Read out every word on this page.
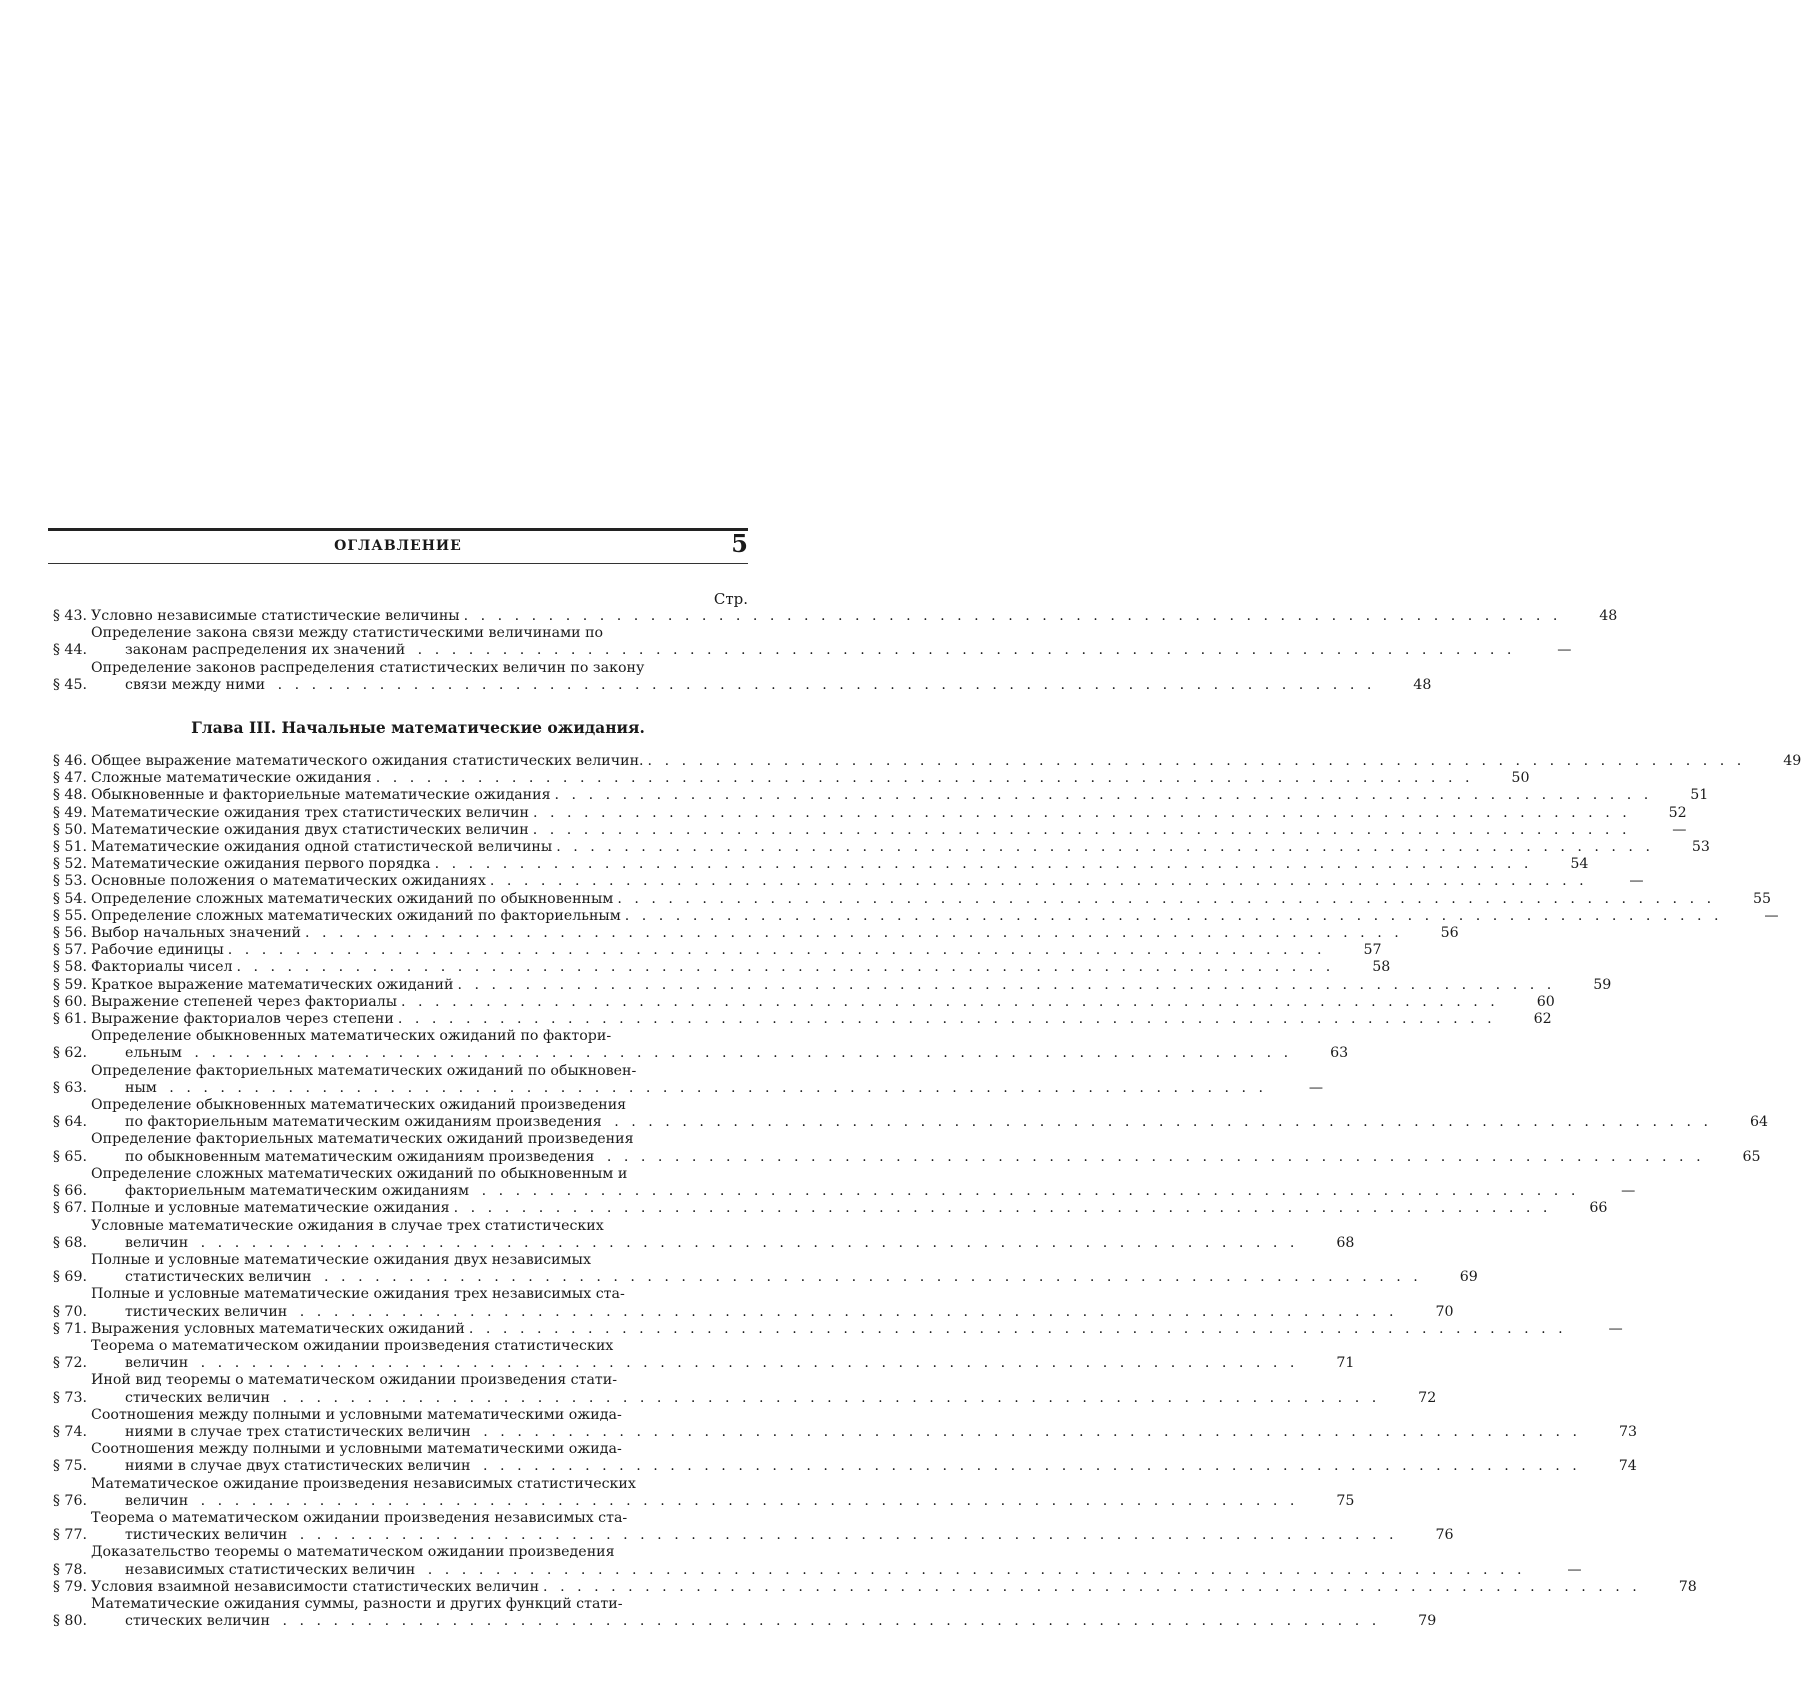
ОГЛАВЛЕНИЕ	5
Стр.
§ 43. Условно независимые статистические величины . . . . . . . . . . . . . . . . . . . . . . . . . . . . . . . . . . . . . . . . . . . . . . . . . . . . . . . . . . . . . . . . .	48
§ 44.
Определение закона связи между статистическими величинами по
законам распределения их значений . . . . . . . . . . . . . . . . . . . . . . . . . . . . . . . . . . . . . . . . . . . . . . . . . . . . . . . . . . . . . . . . .	—
§ 45.
Определение законов распределения статистических величин по закону
связи между ними . . . . . . . . . . . . . . . . . . . . . . . . . . . . . . . . . . . . . . . . . . . . . . . . . . . . . . . . . . . . . . . . .	48
Глава III. Начальные математические ожидания.
§ 46. Общее выражение математического ожидания статистических величин. . . . . . . . . . . . . . . . . . . . . . . . . . . . . . . . . . . . . . . . . . . . . . . . . . . . . . . . . . . . . . . . . .	49
§ 47. Сложные математические ожидания . . . . . . . . . . . . . . . . . . . . . . . . . . . . . . . . . . . . . . . . . . . . . . . . . . . . . . . . . . . . . . . . .	50
§ 48. Обыкновенные и факториельные математические ожидания . . . . . . . . . . . . . . . . . . . . . . . . . . . . . . . . . . . . . . . . . . . . . . . . . . . . . . . . . . . . . . . . .	51
§ 49. Математические ожидания трех статистических величин . . . . . . . . . . . . . . . . . . . . . . . . . . . . . . . . . . . . . . . . . . . . . . . . . . . . . . . . . . . . . . . . .	52
§ 50. Математические ожидания двух статистических величин . . . . . . . . . . . . . . . . . . . . . . . . . . . . . . . . . . . . . . . . . . . . . . . . . . . . . . . . . . . . . . . . .	—
§ 51. Математические ожидания одной статистической величины . . . . . . . . . . . . . . . . . . . . . . . . . . . . . . . . . . . . . . . . . . . . . . . . . . . . . . . . . . . . . . . . .	53
§ 52. Математические ожидания первого порядка . . . . . . . . . . . . . . . . . . . . . . . . . . . . . . . . . . . . . . . . . . . . . . . . . . . . . . . . . . . . . . . . .	54
§ 53. Основные положения о математических ожиданиях . . . . . . . . . . . . . . . . . . . . . . . . . . . . . . . . . . . . . . . . . . . . . . . . . . . . . . . . . . . . . . . . .	—
§ 54. Определение сложных математических ожиданий по обыкновенным . . . . . . . . . . . . . . . . . . . . . . . . . . . . . . . . . . . . . . . . . . . . . . . . . . . . . . . . . . . . . . . . .	55
§ 55. Определение сложных математических ожиданий по факториельным . . . . . . . . . . . . . . . . . . . . . . . . . . . . . . . . . . . . . . . . . . . . . . . . . . . . . . . . . . . . . . . . .	—
§ 56. Выбор начальных значений . . . . . . . . . . . . . . . . . . . . . . . . . . . . . . . . . . . . . . . . . . . . . . . . . . . . . . . . . . . . . . . . .	56
§ 57. Рабочие единицы . . . . . . . . . . . . . . . . . . . . . . . . . . . . . . . . . . . . . . . . . . . . . . . . . . . . . . . . . . . . . . . . .	57
§ 58. Факториалы чисел . . . . . . . . . . . . . . . . . . . . . . . . . . . . . . . . . . . . . . . . . . . . . . . . . . . . . . . . . . . . . . . . .	58
§ 59. Краткое выражение математических ожиданий . . . . . . . . . . . . . . . . . . . . . . . . . . . . . . . . . . . . . . . . . . . . . . . . . . . . . . . . . . . . . . . . .	59
§ 60. Выражение степеней через факториалы . . . . . . . . . . . . . . . . . . . . . . . . . . . . . . . . . . . . . . . . . . . . . . . . . . . . . . . . . . . . . . . . .	60
§ 61. Выражение факториалов через степени . . . . . . . . . . . . . . . . . . . . . . . . . . . . . . . . . . . . . . . . . . . . . . . . . . . . . . . . . . . . . . . . .	62
§ 62.
Определение обыкновенных математических ожиданий по фактори-
ельным . . . . . . . . . . . . . . . . . . . . . . . . . . . . . . . . . . . . . . . . . . . . . . . . . . . . . . . . . . . . . . . . .	63
§ 63.
Определение факториельных математических ожиданий по обыкновен-
ным . . . . . . . . . . . . . . . . . . . . . . . . . . . . . . . . . . . . . . . . . . . . . . . . . . . . . . . . . . . . . . . . .	—
§ 64.
Определение обыкновенных математических ожиданий произведения
по факториельным математическим ожиданиям произведения . . . . . . . . . . . . . . . . . . . . . . . . . . . . . . . . . . . . . . . . . . . . . . . . . . . . . . . . . . . . . . . . .	64
§ 65.
Определение факториельных математических ожиданий произведения
по обыкновенным математическим ожиданиям произведения . . . . . . . . . . . . . . . . . . . . . . . . . . . . . . . . . . . . . . . . . . . . . . . . . . . . . . . . . . . . . . . . .	65
§ 66.
Определение сложных математических ожиданий по обыкновенным и
факториельным математическим ожиданиям . . . . . . . . . . . . . . . . . . . . . . . . . . . . . . . . . . . . . . . . . . . . . . . . . . . . . . . . . . . . . . . . .	—
§ 67. Полные и условные математические ожидания . . . . . . . . . . . . . . . . . . . . . . . . . . . . . . . . . . . . . . . . . . . . . . . . . . . . . . . . . . . . . . . . .	66
§ 68.
Условные математические ожидания в случае трех статистических
величин . . . . . . . . . . . . . . . . . . . . . . . . . . . . . . . . . . . . . . . . . . . . . . . . . . . . . . . . . . . . . . . . .	68
§ 69.
Полные и условные математические ожидания двух независимых
статистических величин . . . . . . . . . . . . . . . . . . . . . . . . . . . . . . . . . . . . . . . . . . . . . . . . . . . . . . . . . . . . . . . . .	69
§ 70.
Полные и условные математические ожидания трех независимых ста-
тистических величин . . . . . . . . . . . . . . . . . . . . . . . . . . . . . . . . . . . . . . . . . . . . . . . . . . . . . . . . . . . . . . . . .	70
§ 71. Выражения условных математических ожиданий . . . . . . . . . . . . . . . . . . . . . . . . . . . . . . . . . . . . . . . . . . . . . . . . . . . . . . . . . . . . . . . . .	—
§ 72.
Теорема о математическом ожидании произведения статистических
величин . . . . . . . . . . . . . . . . . . . . . . . . . . . . . . . . . . . . . . . . . . . . . . . . . . . . . . . . . . . . . . . . .	71
§ 73.
Иной вид теоремы о математическом ожидании произведения стати-
стических величин . . . . . . . . . . . . . . . . . . . . . . . . . . . . . . . . . . . . . . . . . . . . . . . . . . . . . . . . . . . . . . . . .	72
§ 74.
Соотношения между полными и условными математическими ожида-
ниями в случае трех статистических величин . . . . . . . . . . . . . . . . . . . . . . . . . . . . . . . . . . . . . . . . . . . . . . . . . . . . . . . . . . . . . . . . .	73
§ 75.
Соотношения между полными и условными математическими ожида-
ниями в случае двух статистических величин . . . . . . . . . . . . . . . . . . . . . . . . . . . . . . . . . . . . . . . . . . . . . . . . . . . . . . . . . . . . . . . . .	74
§ 76.
Математическое ожидание произведения независимых статистических
величин . . . . . . . . . . . . . . . . . . . . . . . . . . . . . . . . . . . . . . . . . . . . . . . . . . . . . . . . . . . . . . . . .	75
§ 77.
Теорема о математическом ожидании произведения независимых ста-
тистических величин . . . . . . . . . . . . . . . . . . . . . . . . . . . . . . . . . . . . . . . . . . . . . . . . . . . . . . . . . . . . . . . . .	76
§ 78.
Доказательство теоремы о математическом ожидании произведения
независимых статистических величин . . . . . . . . . . . . . . . . . . . . . . . . . . . . . . . . . . . . . . . . . . . . . . . . . . . . . . . . . . . . . . . . .	—
§ 79. Условия взаимной независимости статистических величин . . . . . . . . . . . . . . . . . . . . . . . . . . . . . . . . . . . . . . . . . . . . . . . . . . . . . . . . . . . . . . . . .	78
§ 80.
Математические ожидания суммы, разности и других функций стати-
стических величин . . . . . . . . . . . . . . . . . . . . . . . . . . . . . . . . . . . . . . . . . . . . . . . . . . . . . . . . . . . . . . . . .	79
